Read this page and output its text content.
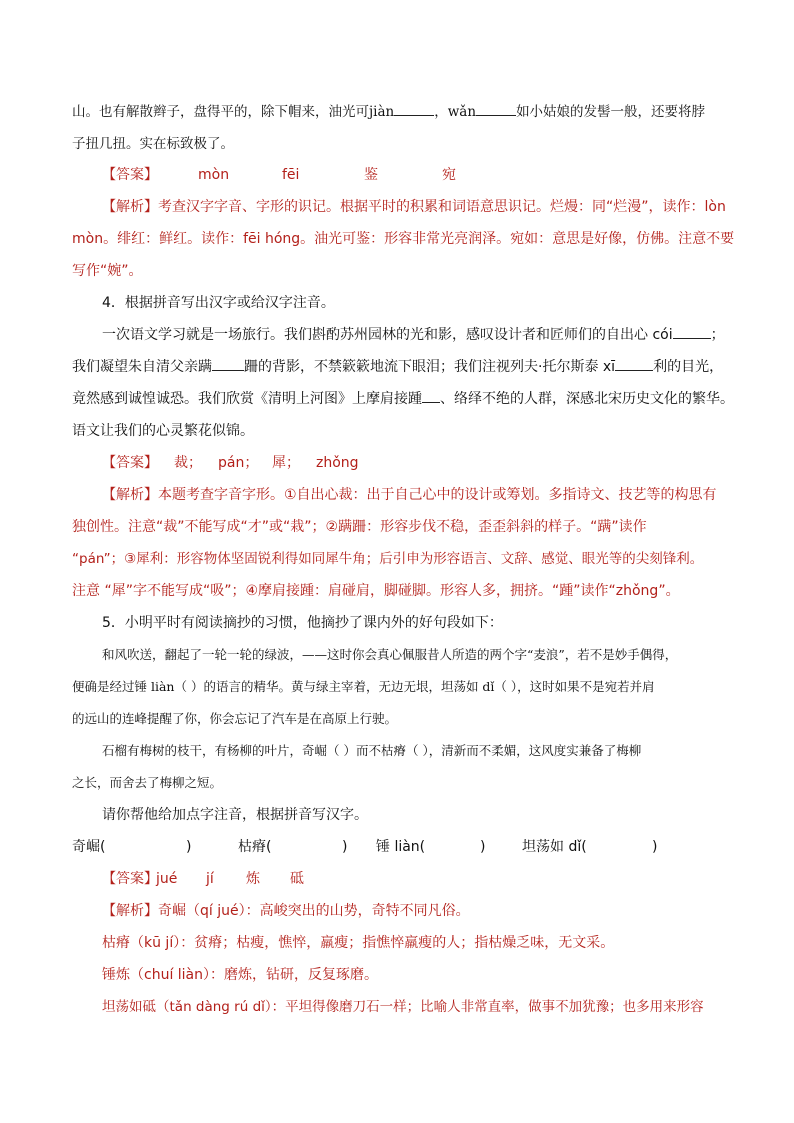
山。也有解散辫子，盘得平的，除下帽来，油光可jiàn	，wǎn	如小姑娘的发髻一般，还要将脖
子扭几扭。实在标致极了。
【答案】	mòn	fēi	鉴	宛
【解析】考查汉字字音、字形的识记。根据平时的积累和词语意思识记。烂熳：同“烂漫”，读作：lòn
mòn。绯红：鲜红。读作：fēi hóng。油光可鉴：形容非常光亮润泽。宛如：意思是好像，仿佛。注意不要
写作“婉”。
4．根据拼音写出汉字或给汉字注音。
一次语文学习就是一场旅行。我们斟酌苏州园林的光和影，感叹设计者和匠师们的自出心 cói	；
我们凝望朱自清父亲蹒 跚的背影，不禁簌簌地流下眼泪；我们注视列夫·托尔斯泰 xī	利的目光，
竟然感到诚惶诚恐。我们欣赏《清明上河图》上摩肩接踵 、络绎不绝的人群，深感北宋历史文化的繁华。
语文让我们的心灵繁花似锦。
【答案】 裁； pán； 犀； zhǒng
【解析】本题考查字音字形。①自出心裁：出于自己心中的设计或筹划。多指诗文、技艺等的构思有
独创性。注意“裁”不能写成“才”或“栽”；②蹒跚：形容步伐不稳，歪歪斜斜的样子。“蹒”读作
“pán”；③犀利：形容物体坚固锐利得如同犀牛角；后引申为形容语言、文辞、感觉、眼光等的尖刻锋利。
注意 “犀”字不能写成“吸”；④摩肩接踵：肩碰肩，脚碰脚。形容人多，拥挤。“踵”读作“zhǒng”。
5．小明平时有阅读摘抄的习惯，他摘抄了课内外的好句段如下：
和风吹送，翻起了一轮一轮的绿波，——这时你会真心佩服昔人所造的两个字“麦浪”，若不是妙手偶得，
便确是经过锤 liàn（ ）的语言的精华。黄与绿主宰着，无边无垠，坦荡如 dǐ（ ），这时如果不是宛若并肩
的远山的连峰提醒了你，你会忘记了汽车是在高原上行驶。
石榴有梅树的枝干，有杨柳的叶片，奇崛（ ）而不枯瘠（ ），清新而不柔媚，这风度实兼备了梅柳
之长，而舍去了梅柳之短。
请你帮他给加点字注音，根据拼音写汉字。
奇崛(	)	枯瘠(	) 锤 liàn(	)	坦荡如 dǐ(	)
【答案】
jué jí 炼 砥
【解析】奇崛（qí jué）：高峻突出的山势，奇特不同凡俗。
枯瘠（kū jí）：贫瘠；枯瘦，憔悴，羸瘦；指憔悴羸瘦的人；指枯燥乏味，无文采。
锤炼（chuí liàn）：磨炼，钻研，反复琢磨。
坦荡如砥（tǎn dàng rú dǐ）：平坦得像磨刀石一样；比喻人非常直率，做事不加犹豫；也多用来形容
